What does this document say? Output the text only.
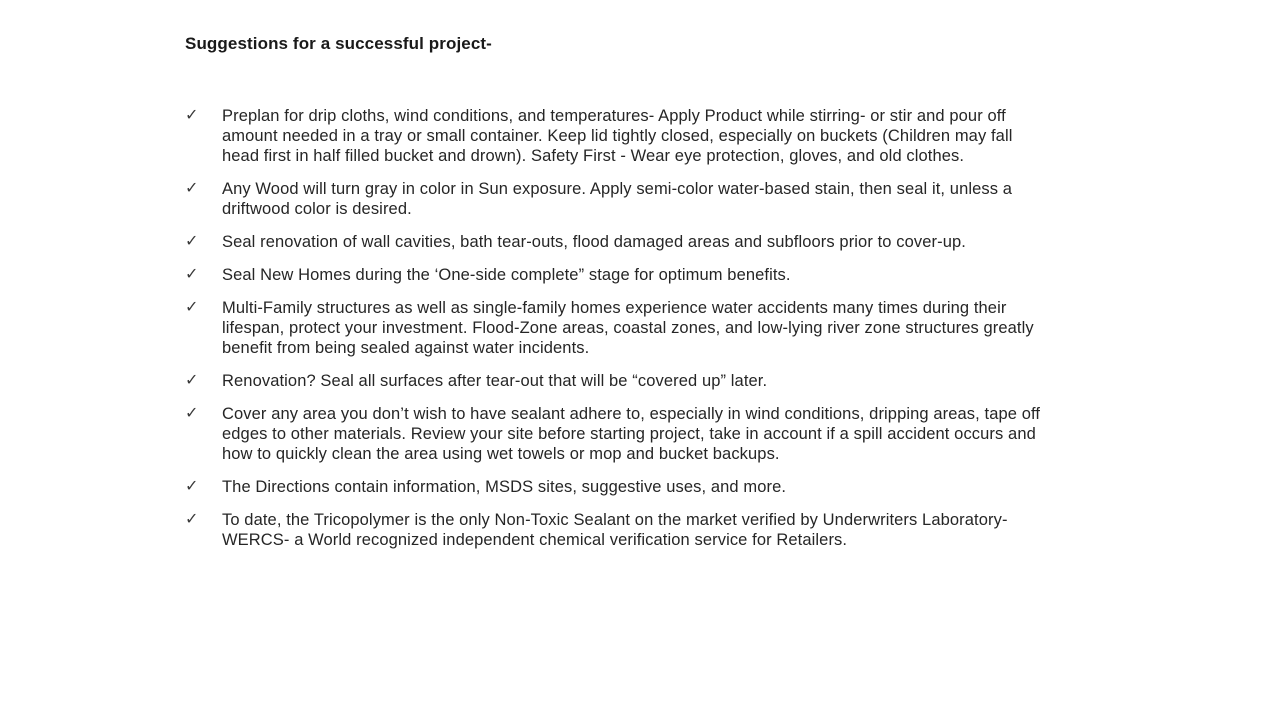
Suggestions for a successful project-
✓	Preplan for drip cloths, wind conditions, and temperatures- Apply Product while stirring- or stir and pour off amount needed in a tray or small container. Keep lid tightly closed, especially on buckets (Children may fall head first in half filled bucket and drown). Safety First - Wear eye protection, gloves, and old clothes.
✓	Any Wood will turn gray in color in Sun exposure. Apply semi-color water-based stain, then seal it, unless a driftwood color is desired.
✓	Seal renovation of wall cavities, bath tear-outs, flood damaged areas and subfloors prior to cover-up.
✓	Seal New Homes during the ‘One-side complete” stage for optimum benefits.
✓	Multi-Family structures as well as single-family homes experience water accidents many times during their lifespan, protect your investment. Flood-Zone areas, coastal zones, and low-lying river zone structures greatly benefit from being sealed against water incidents.
✓	Renovation? Seal all surfaces after tear-out that will be “covered up” later.
✓	Cover any area you don’t wish to have sealant adhere to, especially in wind conditions, dripping areas, tape off edges to other materials. Review your site before starting project, take in account if a spill accident occurs and how to quickly clean the area using wet towels or mop and bucket backups.
✓	The Directions contain information, MSDS sites, suggestive uses, and more.
✓	To date, the Tricopolymer is the only Non-Toxic Sealant on the market verified by Underwriters Laboratory-WERCS- a World recognized independent chemical verification service for Retailers.
